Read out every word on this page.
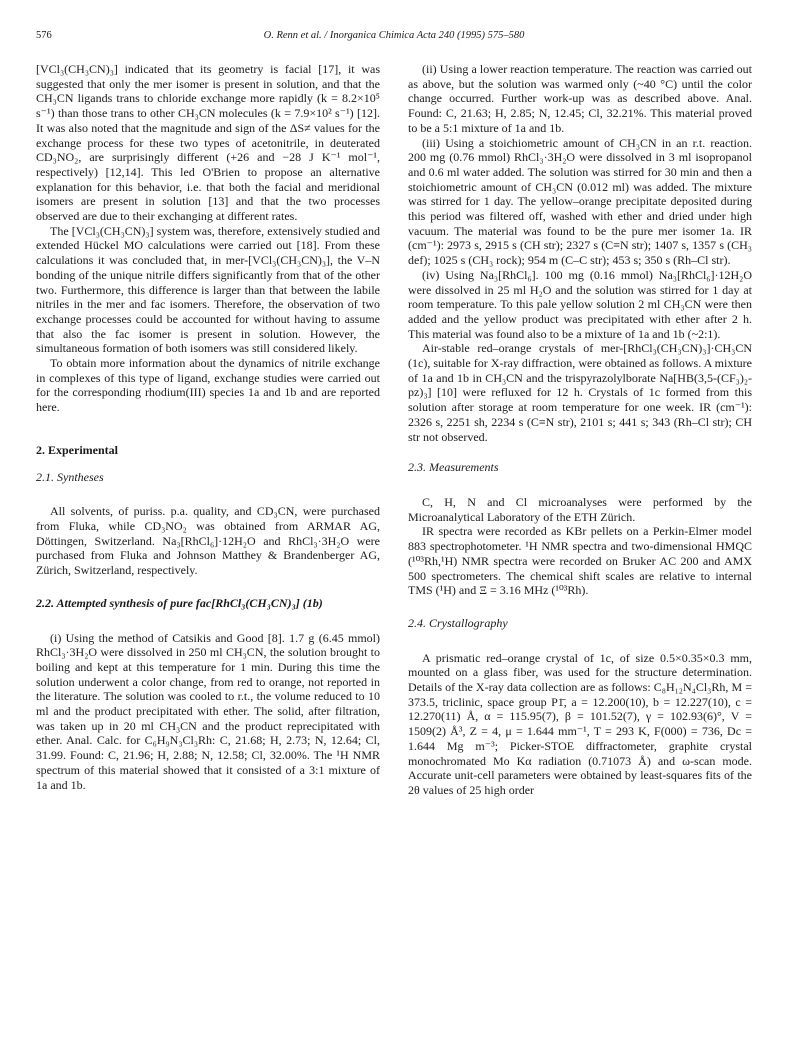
576	O. Renn et al. / Inorganica Chimica Acta 240 (1995) 575–580

[VCl₃(CH₃CN)₃] indicated that its geometry is facial [17], it was suggested that only the mer isomer is present in solution, and that the CH₃CN ligands trans to chloride exchange more rapidly (k = 8.2×10⁵ s⁻¹) than those trans to other CH₃CN molecules (k = 7.9×10² s⁻¹) [12]. It was also noted that the magnitude and sign of the ΔS≠ values for the exchange process for these two types of acetonitrile, in deuterated CD₃NO₂, are surprisingly different (+26 and −28 J K⁻¹ mol⁻¹, respectively) [12,14]. This led O'Brien to propose an alternative explanation for this behavior, i.e. that both the facial and meridional isomers are present in solution [13] and that the two processes observed are due to their exchanging at different rates.

The [VCl₃(CH₃CN)₃] system was, therefore, extensively studied and extended Hückel MO calculations were carried out [18]. From these calculations it was concluded that, in mer-[VCl₃(CH₃CN)₃], the V–N bonding of the unique nitrile differs significantly from that of the other two. Furthermore, this difference is larger than that between the labile nitriles in the mer and fac isomers. Therefore, the observation of two exchange processes could be accounted for without having to assume that also the fac isomer is present in solution. However, the simultaneous formation of both isomers was still considered likely.

To obtain more information about the dynamics of nitrile exchange in complexes of this type of ligand, exchange studies were carried out for the corresponding rhodium(III) species 1a and 1b and are reported here.

2. Experimental
2.1. Syntheses

All solvents, of puriss. p.a. quality, and CD₃CN, were purchased from Fluka, while CD₃NO₂ was obtained from ARMAR AG, Döttingen, Switzerland. Na₃[RhCl₆]·12H₂O and RhCl₃·3H₂O were purchased from Fluka and Johnson Matthey & Brandenberger AG, Zürich, Switzerland, respectively.

2.2. Attempted synthesis of pure fac[RhCl₃(CH₃CN)₃] (1b)

(i) Using the method of Catsikis and Good [8]. 1.7 g (6.45 mmol) RhCl₃·3H₂O were dissolved in 250 ml CH₃CN, the solution brought to boiling and kept at this temperature for 1 min. During this time the solution underwent a color change, from red to orange, not reported in the literature. The solution was cooled to r.t., the volume reduced to 10 ml and the product precipitated with ether. The solid, after filtration, was taken up in 20 ml CH₃CN and the product reprecipitated with ether. Anal. Calc. for C₆H₉N₃Cl₃Rh: C, 21.68; H, 2.73; N, 12.64; Cl, 31.99. Found: C, 21.96; H, 2.88; N, 12.58; Cl, 32.00%. The ¹H NMR spectrum of this material showed that it consisted of a 3:1 mixture of 1a and 1b.

(ii) Using a lower reaction temperature. The reaction was carried out as above, but the solution was warmed only (~40 °C) until the color change occurred. Further work-up was as described above. Anal. Found: C, 21.63; H, 2.85; N, 12.45; Cl, 32.21%. This material proved to be a 5:1 mixture of 1a and 1b.

(iii) Using a stoichiometric amount of CH₃CN in an r.t. reaction. 200 mg (0.76 mmol) RhCl₃·3H₂O were dissolved in 3 ml isopropanol and 0.6 ml water added. The solution was stirred for 30 min and then a stoichiometric amount of CH₃CN (0.012 ml) was added. The mixture was stirred for 1 day. The yellow–orange precipitate deposited during this period was filtered off, washed with ether and dried under high vacuum. The material was found to be the pure mer isomer 1a. IR (cm⁻¹): 2973 s, 2915 s (CH str); 2327 s (C≡N str); 1407 s, 1357 s (CH₃ def); 1025 s (CH₃ rock); 954 m (C–C str); 453 s; 350 s (Rh–Cl str).

(iv) Using Na₃[RhCl₆]. 100 mg (0.16 mmol) Na₃[RhCl₆]·12H₂O were dissolved in 25 ml H₂O and the solution was stirred for 1 day at room temperature. To this pale yellow solution 2 ml CH₃CN were then added and the yellow product was precipitated with ether after 2 h. This material was found also to be a mixture of 1a and 1b (~2:1).

Air-stable red–orange crystals of mer-[RhCl₃(CH₃CN)₃]·CH₃CN (1c), suitable for X-ray diffraction, were obtained as follows. A mixture of 1a and 1b in CH₃CN and the trispyrazolylborate Na[HB(3,5-(CF₃)₂-pz)₃] [10] were refluxed for 12 h. Crystals of 1c formed from this solution after storage at room temperature for one week. IR (cm⁻¹): 2326 s, 2251 sh, 2234 s (C≡N str), 2101 s; 441 s; 343 (Rh–Cl str); CH str not observed.

2.3. Measurements

C, H, N and Cl microanalyses were performed by the Microanalytical Laboratory of the ETH Zürich.

IR spectra were recorded as KBr pellets on a Perkin-Elmer model 883 spectrophotometer. ¹H NMR spectra and two-dimensional HMQC (¹⁰³Rh,¹H) NMR spectra were recorded on Bruker AC 200 and AMX 500 spectrometers. The chemical shift scales are relative to internal TMS (¹H) and Ξ = 3.16 MHz (¹⁰³Rh).

2.4. Crystallography

A prismatic red–orange crystal of 1c, of size 0.5×0.35×0.3 mm, mounted on a glass fiber, was used for the structure determination. Details of the X-ray data collection are as follows: C₈H₁₂N₄Cl₃Rh, M = 373.5, triclinic, space group P1̄, a = 12.200(10), b = 12.227(10), c = 12.270(11) Å, α = 115.95(7), β = 101.52(7), γ = 102.93(6)°, V = 1509(2) Å³, Z = 4, μ = 1.644 mm⁻¹, T = 293 K, F(000) = 736, Dc = 1.644 Mg m⁻³; Picker-STOE diffractometer, graphite crystal monochromated Mo Kα radiation (0.71073 Å) and ω-scan mode. Accurate unit-cell parameters were obtained by least-squares fits of the 2θ values of 25 high order
